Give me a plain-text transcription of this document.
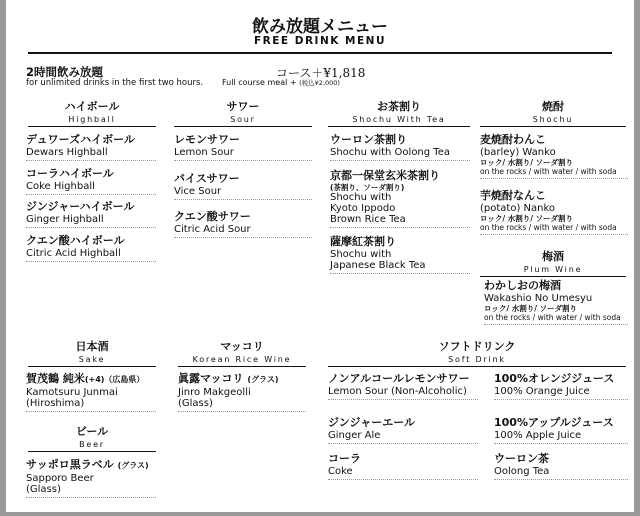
飲み放題メニュー
FREE DRINK MENU
2時間飲み放題
for unlimited drinks in the first two hours.
コース＋¥1,818
Full course meal + (税込¥2,000)
ハイボール
Highball
サワー
Sour
お茶割り
Shochu With Tea
焼酎
Shochu
梅酒
Plum Wine
日本酒
Sake
マッコリ
Korean Rice Wine
ソフトドリンク
Soft Drink
ビール
Beer
デュワーズハイボール
Dewars Highball
コーラハイボール
Coke Highball
ジンジャーハイボール
Ginger Highball
クエン酸ハイボール
Citric Acid Highball
レモンサワー
Lemon Sour
バイスサワー
Vice Sour
クエン酸サワー
Citric Acid Sour
ウーロン茶割り
Shochu with Oolong Tea
京都一保堂玄米茶割り
(茶割り、ソーダ割り)
Shochu with
Kyoto Ippodo
Brown Rice Tea
薩摩紅茶割り
Shochu with
Japanese Black Tea
麦焼酎わんこ
(barley) Wanko
ロック/ 水割り/ ソーダ割り
on the rocks / with water / with soda
芋焼酎なんこ
(potato) Nanko
ロック/ 水割り/ ソーダ割り
on the rocks / with water / with soda
わかしおの梅酒
Wakashio No Umesyu
ロック/ 水割り/ ソーダ割り
on the rocks / with water / with soda
賀茂鶴 純米(+4)（広島県）
Kamotsuru Junmai
(Hiroshima)
眞露マッコリ (グラス)
Jinro Makgeolli
(Glass)
サッポロ黒ラベル (グラス)
Sapporo Beer
(Glass)
ノンアルコールレモンサワー
Lemon Sour (Non-Alcoholic)
ジンジャーエール
Ginger Ale
コーラ
Coke
100%オレンジジュース
100% Orange Juice
100%アップルジュース
100% Apple Juice
ウーロン茶
Oolong Tea
